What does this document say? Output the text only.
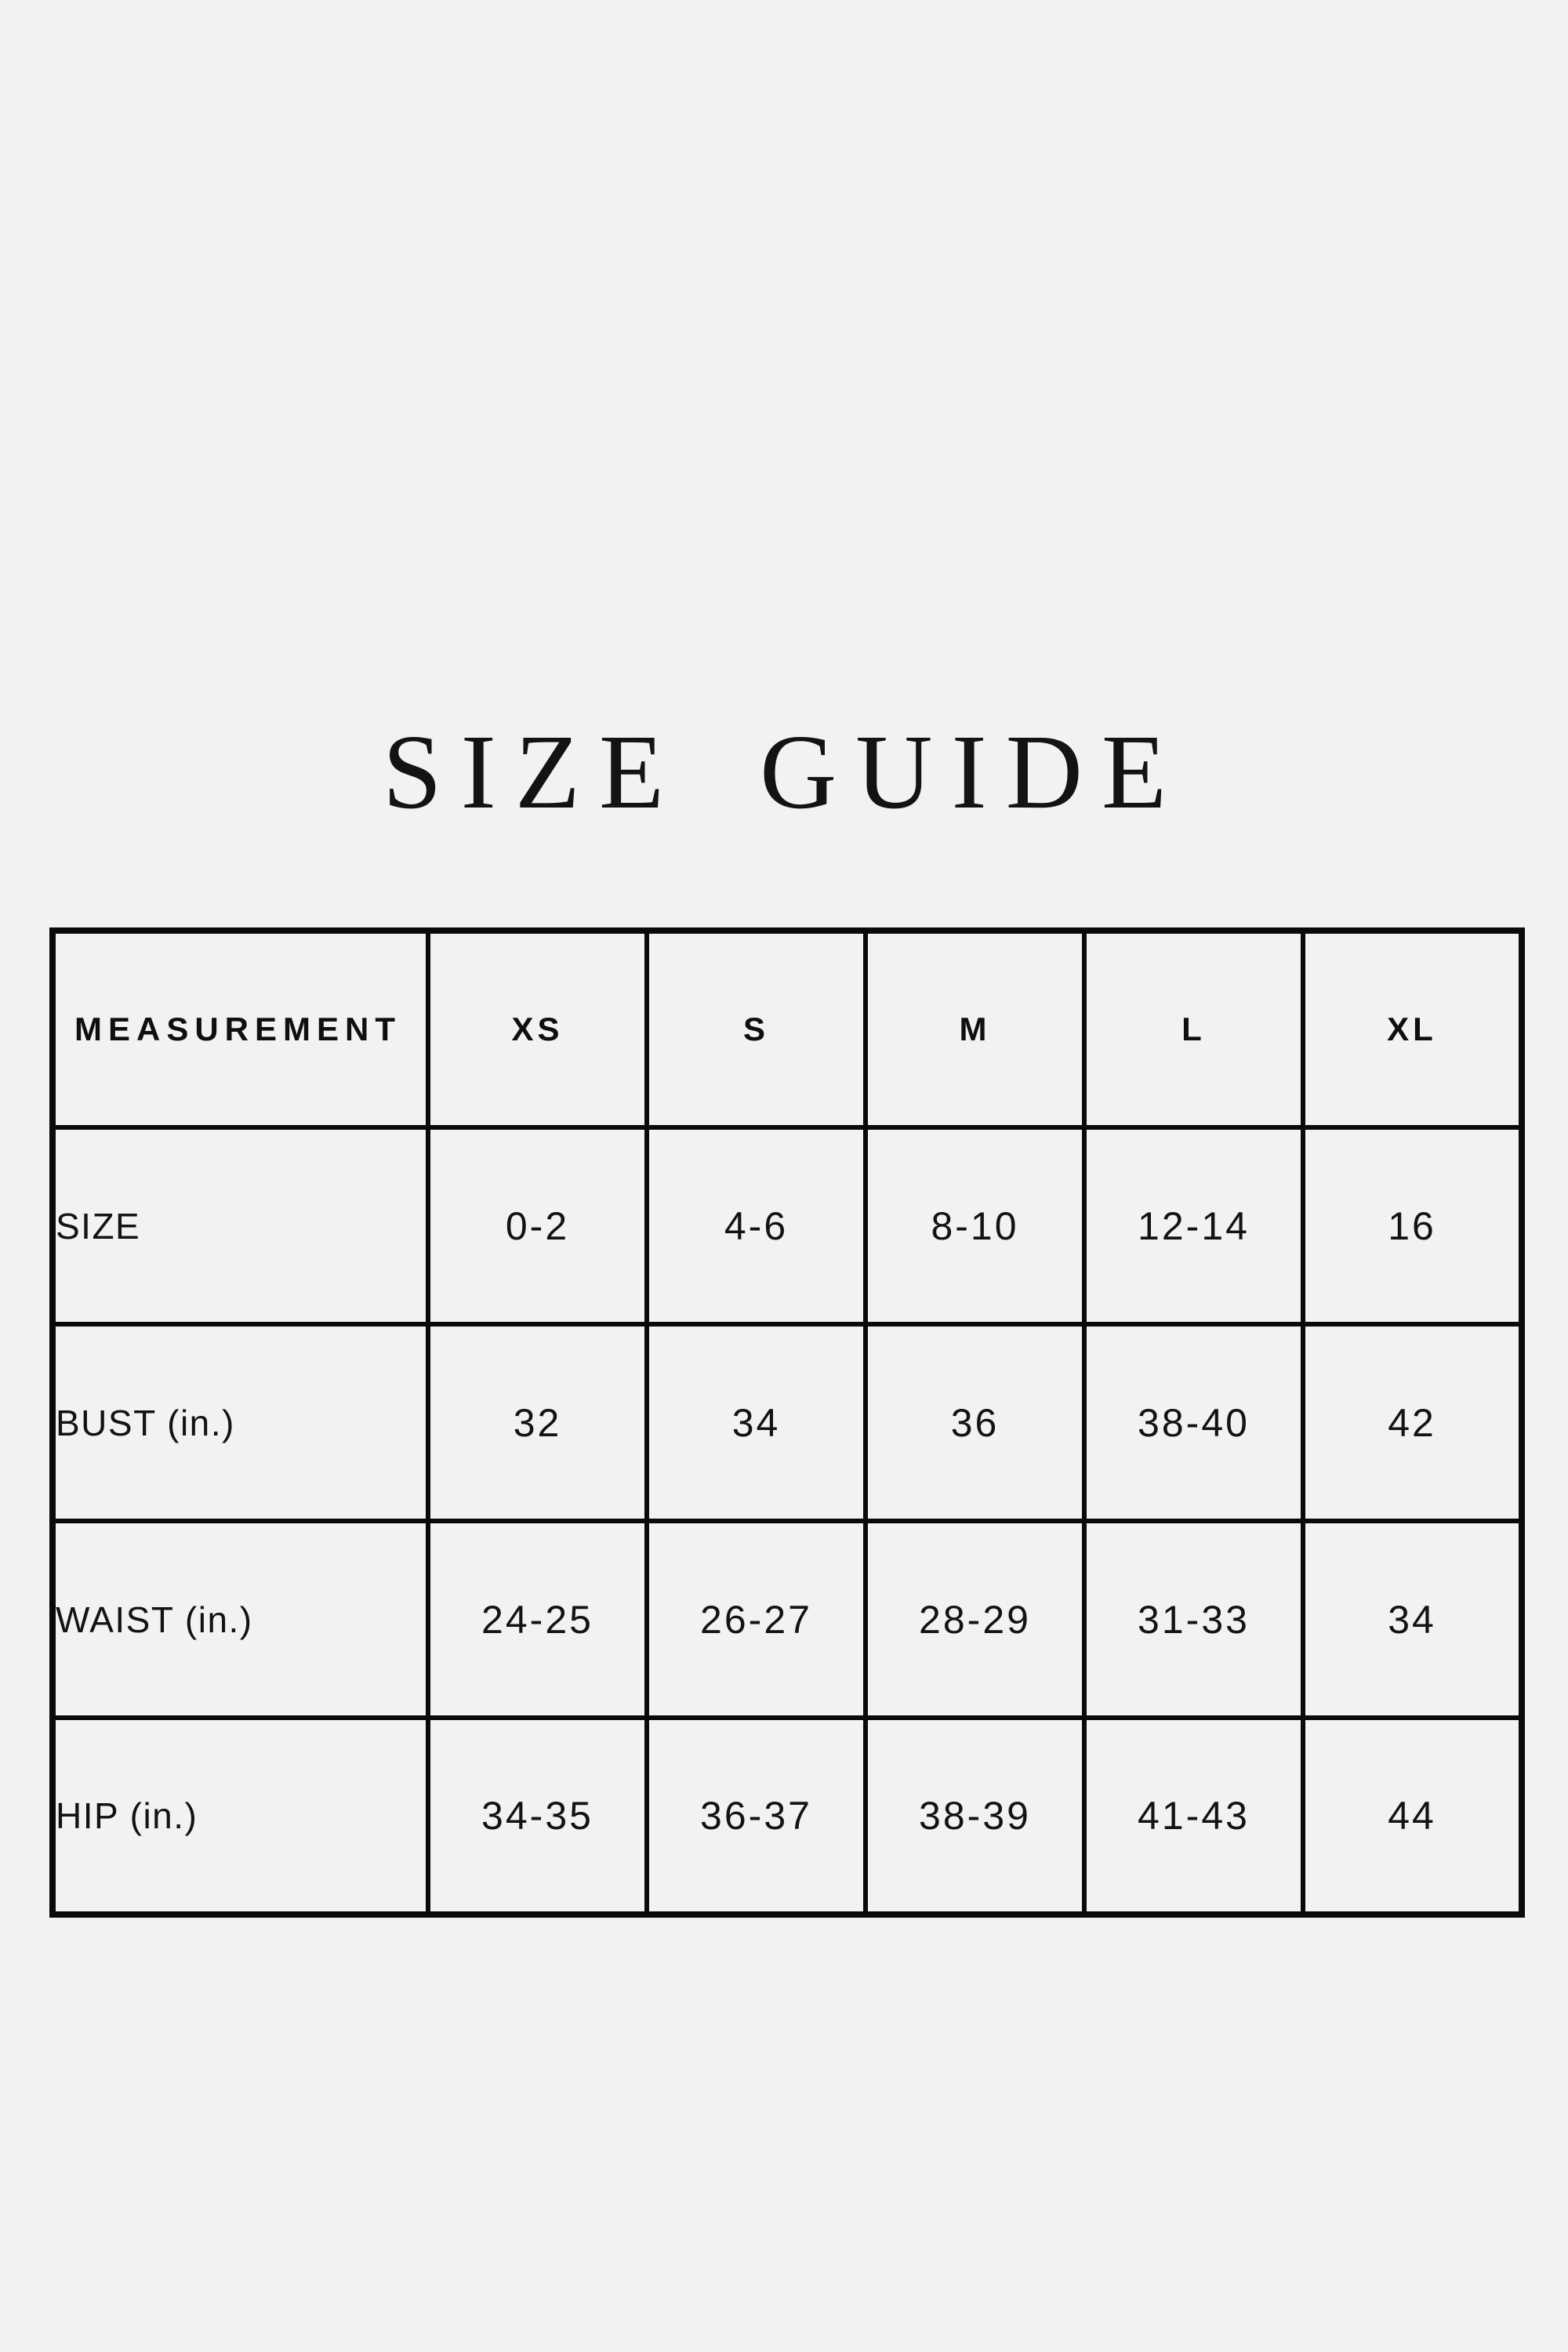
SIZE GUIDE
MEASUREMENT	XS	S	M	L	XL
SIZE	0-2	4-6	8-10	12-14	16
BUST (in.)	32	34	36	38-40	42
WAIST (in.)	24-25	26-27	28-29	31-33	34
HIP (in.)	34-35	36-37	38-39	41-43	44
